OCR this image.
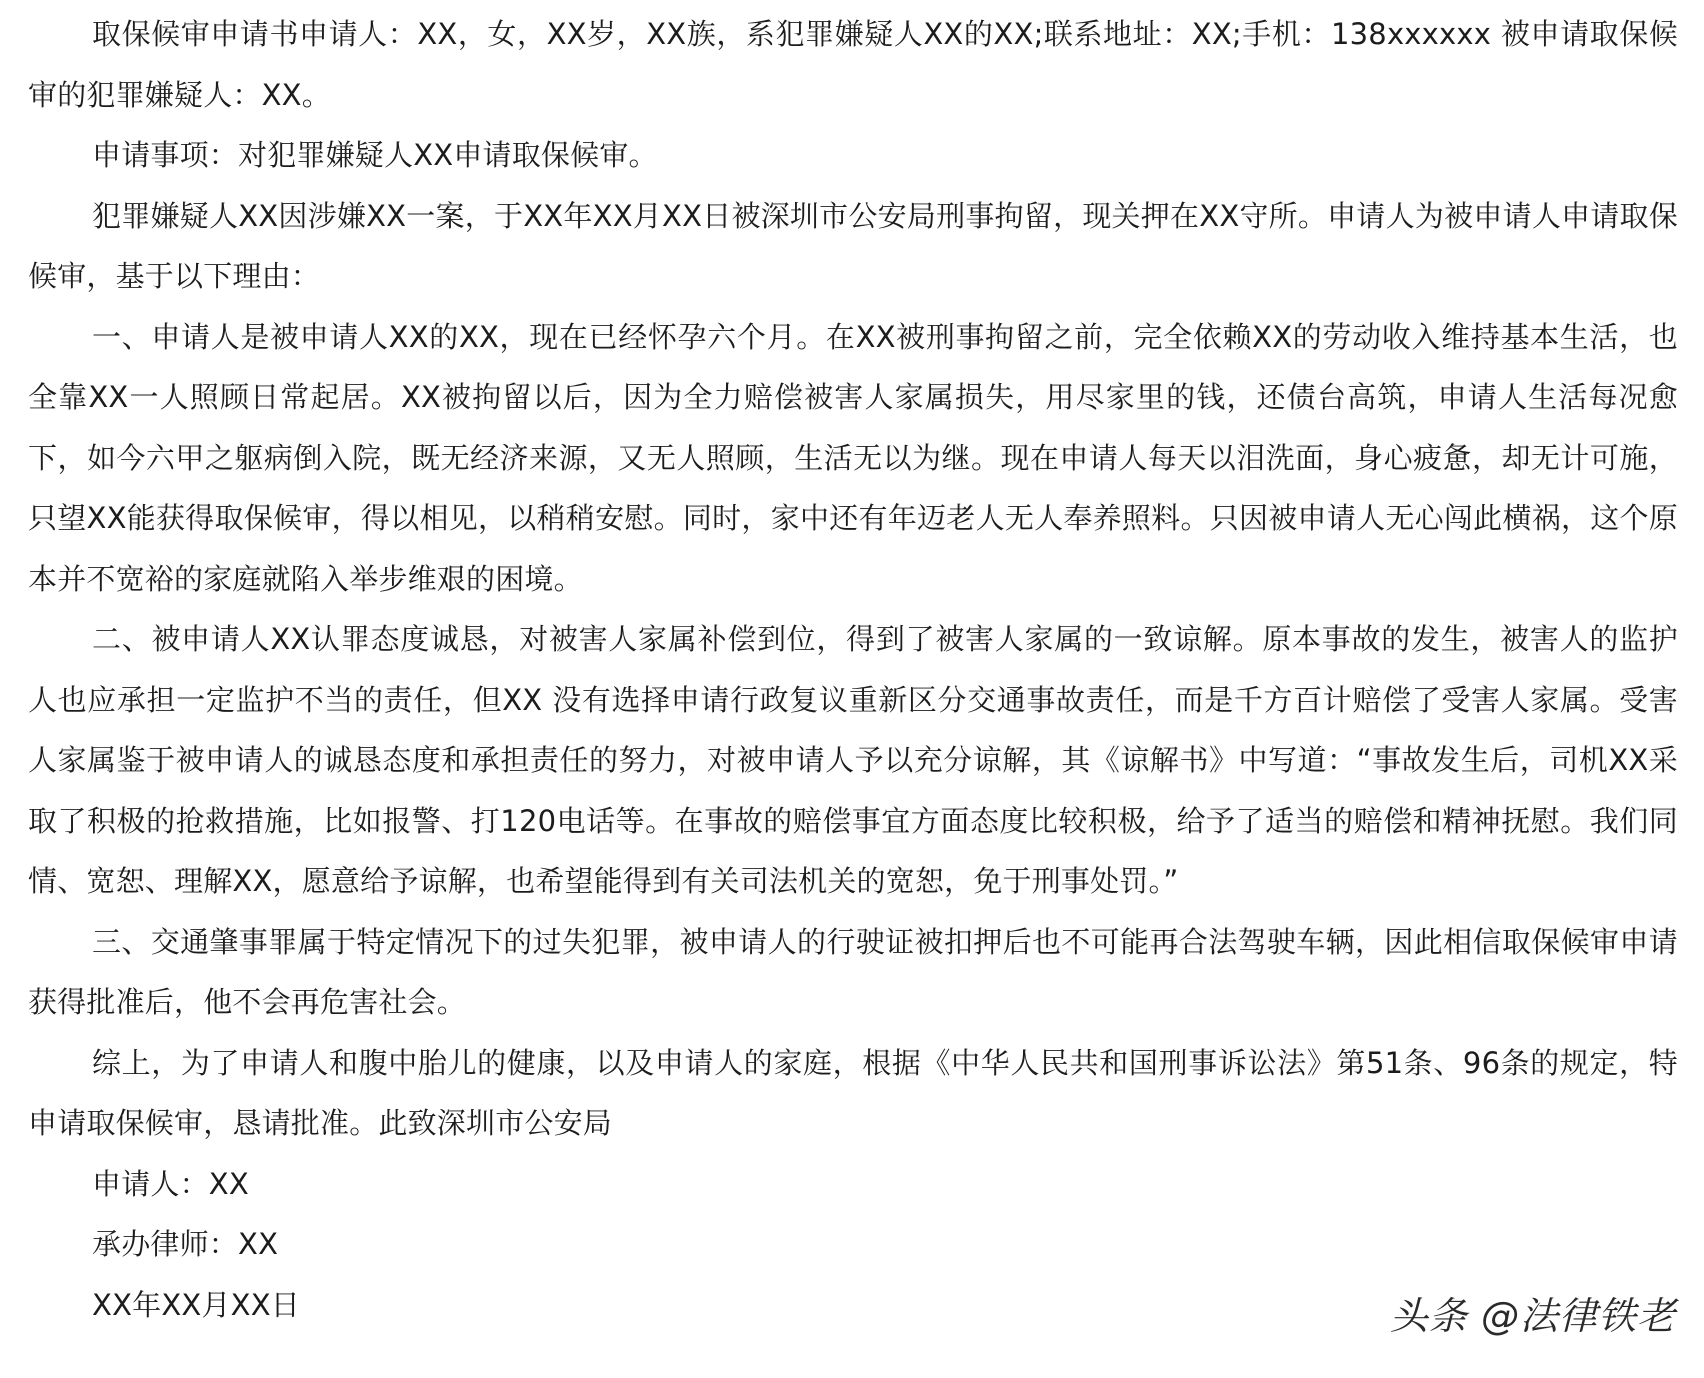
取保候审申请书申请人：XX，女，XX岁，XX族，系犯罪嫌疑人XX的XX;联系地址：XX;手机：138xxxxxx 被申请取保候审的犯罪嫌疑人：XX。

申请事项：对犯罪嫌疑人XX申请取保候审。

犯罪嫌疑人XX因涉嫌XX一案，于XX年XX月XX日被深圳市公安局刑事拘留，现关押在XX守所。申请人为被申请人申请取保候审，基于以下理由：

一、申请人是被申请人XX的XX，现在已经怀孕六个月。在XX被刑事拘留之前，完全依赖XX的劳动收入维持基本生活，也全靠XX一人照顾日常起居。XX被拘留以后，因为全力赔偿被害人家属损失，用尽家里的钱，还债台高筑，申请人生活每况愈下，如今六甲之躯病倒入院，既无经济来源，又无人照顾，生活无以为继。现在申请人每天以泪洗面，身心疲惫，却无计可施，只望XX能获得取保候审，得以相见，以稍稍安慰。同时，家中还有年迈老人无人奉养照料。只因被申请人无心闯此横祸，这个原本并不宽裕的家庭就陷入举步维艰的困境。

二、被申请人XX认罪态度诚恳，对被害人家属补偿到位，得到了被害人家属的一致谅解。原本事故的发生，被害人的监护人也应承担一定监护不当的责任，但XX 没有选择申请行政复议重新区分交通事故责任，而是千方百计赔偿了受害人家属。受害人家属鉴于被申请人的诚恳态度和承担责任的努力，对被申请人予以充分谅解，其《谅解书》中写道：“事故发生后，司机XX采取了积极的抢救措施，比如报警、打120电话等。在事故的赔偿事宜方面态度比较积极，给予了适当的赔偿和精神抚慰。我们同情、宽恕、理解XX，愿意给予谅解，也希望能得到有关司法机关的宽恕，免于刑事处罚。”

三、交通肇事罪属于特定情况下的过失犯罪，被申请人的行驶证被扣押后也不可能再合法驾驶车辆，因此相信取保候审申请获得批准后，他不会再危害社会。

综上，为了申请人和腹中胎儿的健康，以及申请人的家庭，根据《中华人民共和国刑事诉讼法》第51条、96条的规定，特申请取保候审，恳请批准。此致深圳市公安局

申请人：XX

承办律师：XX

XX年XX月XX日	头条 @法律铁老
